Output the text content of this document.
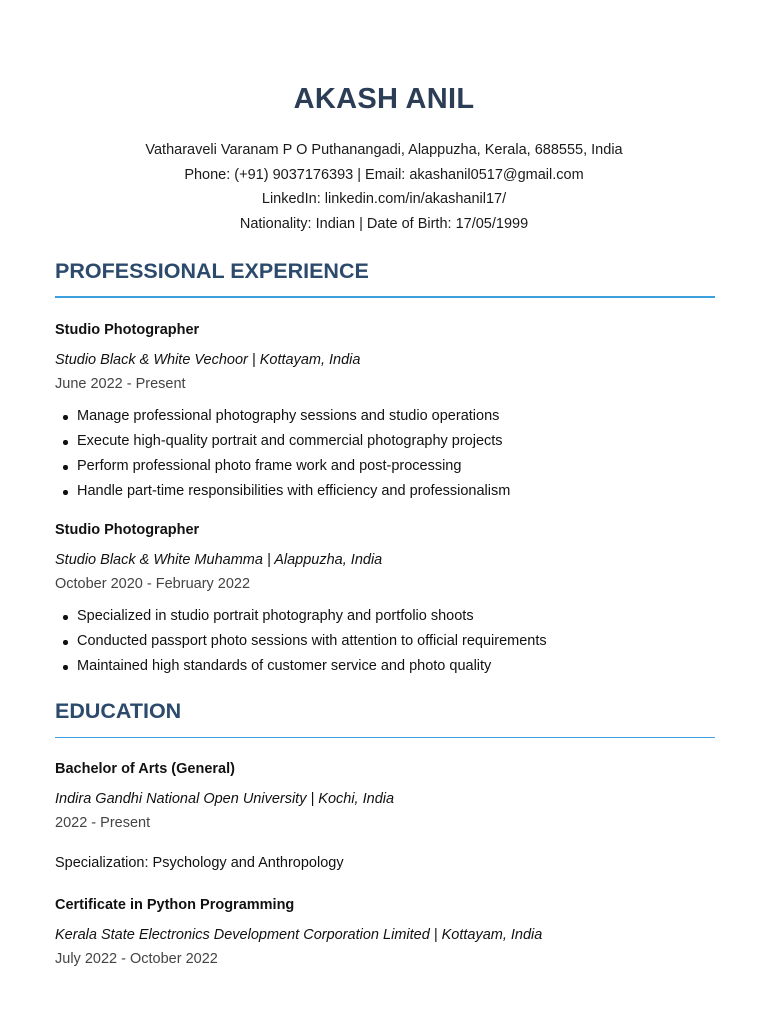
AKASH ANIL
Vatharaveli Varanam P O Puthanangadi, Alappuzha, Kerala, 688555, India
Phone: (+91) 9037176393 | Email: akashanil0517@gmail.com
LinkedIn: linkedin.com/in/akashanil17/
Nationality: Indian | Date of Birth: 17/05/1999
PROFESSIONAL EXPERIENCE
Studio Photographer
Studio Black & White Vechoor | Kottayam, India
June 2022 - Present
Manage professional photography sessions and studio operations
Execute high-quality portrait and commercial photography projects
Perform professional photo frame work and post-processing
Handle part-time responsibilities with efficiency and professionalism
Studio Photographer
Studio Black & White Muhamma | Alappuzha, India
October 2020 - February 2022
Specialized in studio portrait photography and portfolio shoots
Conducted passport photo sessions with attention to official requirements
Maintained high standards of customer service and photo quality
EDUCATION
Bachelor of Arts (General)
Indira Gandhi National Open University | Kochi, India
2022 - Present
Specialization: Psychology and Anthropology
Certificate in Python Programming
Kerala State Electronics Development Corporation Limited | Kottayam, India
July 2022 - October 2022
